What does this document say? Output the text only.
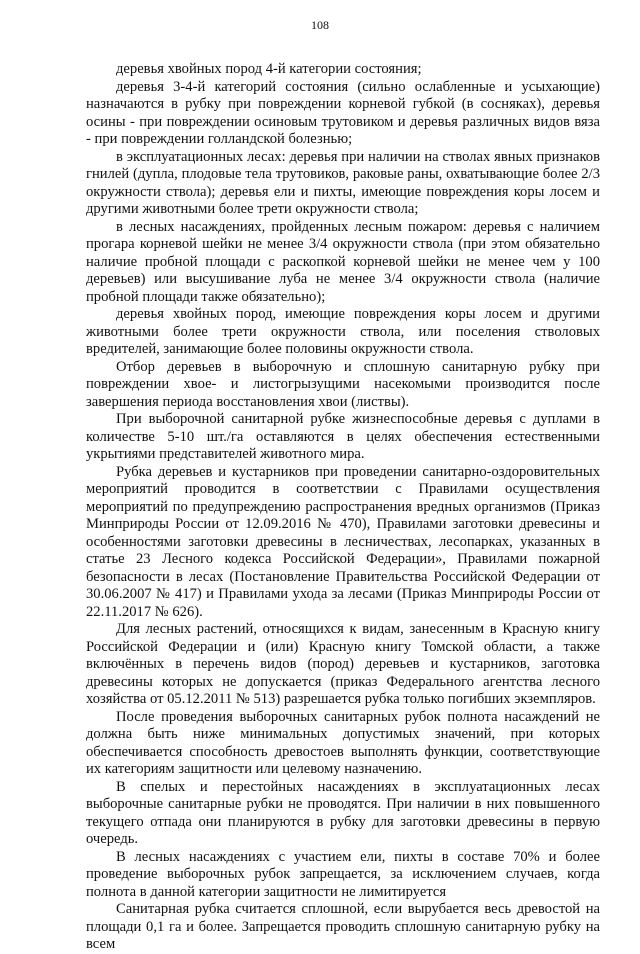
108

деревья хвойных пород 4-й категории состояния;

деревья 3-4-й категорий состояния (сильно ослабленные и усыхающие) назначаются в рубку при повреждении корневой губкой (в сосняках), деревья осины - при повреждении осиновым трутовиком и деревья различных видов вяза - при повреждении голландской болезнью;

в эксплуатационных лесах: деревья при наличии на стволах явных признаков гнилей (дупла, плодовые тела трутовиков, раковые раны, охватывающие более 2/3 окружности ствола); деревья ели и пихты, имеющие повреждения коры лосем и другими животными более трети окружности ствола;

в лесных насаждениях, пройденных лесным пожаром: деревья с наличием прогара корневой шейки не менее 3/4 окружности ствола (при этом обязательно наличие пробной площади с раскопкой корневой шейки не менее чем у 100 деревьев) или высушивание луба не менее 3/4 окружности ствола (наличие пробной площади также обязательно);

деревья хвойных пород, имеющие повреждения коры лосем и другими животными более трети окружности ствола, или поселения стволовых вредителей, занимающие более половины окружности ствола.

Отбор деревьев в выборочную и сплошную санитарную рубку при повреждении хвое- и листогрызущими насекомыми производится после завершения периода восстановления хвои (листвы).

При выборочной санитарной рубке жизнеспособные деревья с дуплами в количестве 5-10 шт./га оставляются в целях обеспечения естественными укрытиями представителей животного мира.

Рубка деревьев и кустарников при проведении санитарно-оздоровительных мероприятий проводится в соответствии с Правилами осуществления мероприятий по предупреждению распространения вредных организмов (Приказ Минприроды России от 12.09.2016 № 470), Правилами заготовки древесины и особенностями заготовки древесины в лесничествах, лесопарках, указанных в статье 23 Лесного кодекса Российской Федерации», Правилами пожарной безопасности в лесах (Постановление Правительства Российской Федерации от 30.06.2007 № 417) и Правилами ухода за лесами (Приказ Минприроды России от 22.11.2017 № 626).

Для лесных растений, относящихся к видам, занесенным в Красную книгу Российской Федерации и (или) Красную книгу Томской области, а также включённых в перечень видов (пород) деревьев и кустарников, заготовка древесины которых не допускается (приказ Федерального агентства лесного хозяйства от 05.12.2011 № 513) разрешается рубка только погибших экземпляров.

После проведения выборочных санитарных рубок полнота насаждений не должна быть ниже минимальных допустимых значений, при которых обеспечивается способность древостоев выполнять функции, соответствующие их категориям защитности или целевому назначению.

В спелых и перестойных насаждениях в эксплуатационных лесах выборочные санитарные рубки не проводятся. При наличии в них повышенного текущего отпада они планируются в рубку для заготовки древесины в первую очередь.

В лесных насаждениях с участием ели, пихты в составе 70% и более проведение выборочных рубок запрещается, за исключением случаев, когда полнота в данной категории защитности не лимитируется

Санитарная рубка считается сплошной, если вырубается весь древостой на площади 0,1 га и более. Запрещается проводить сплошную санитарную рубку на всем
